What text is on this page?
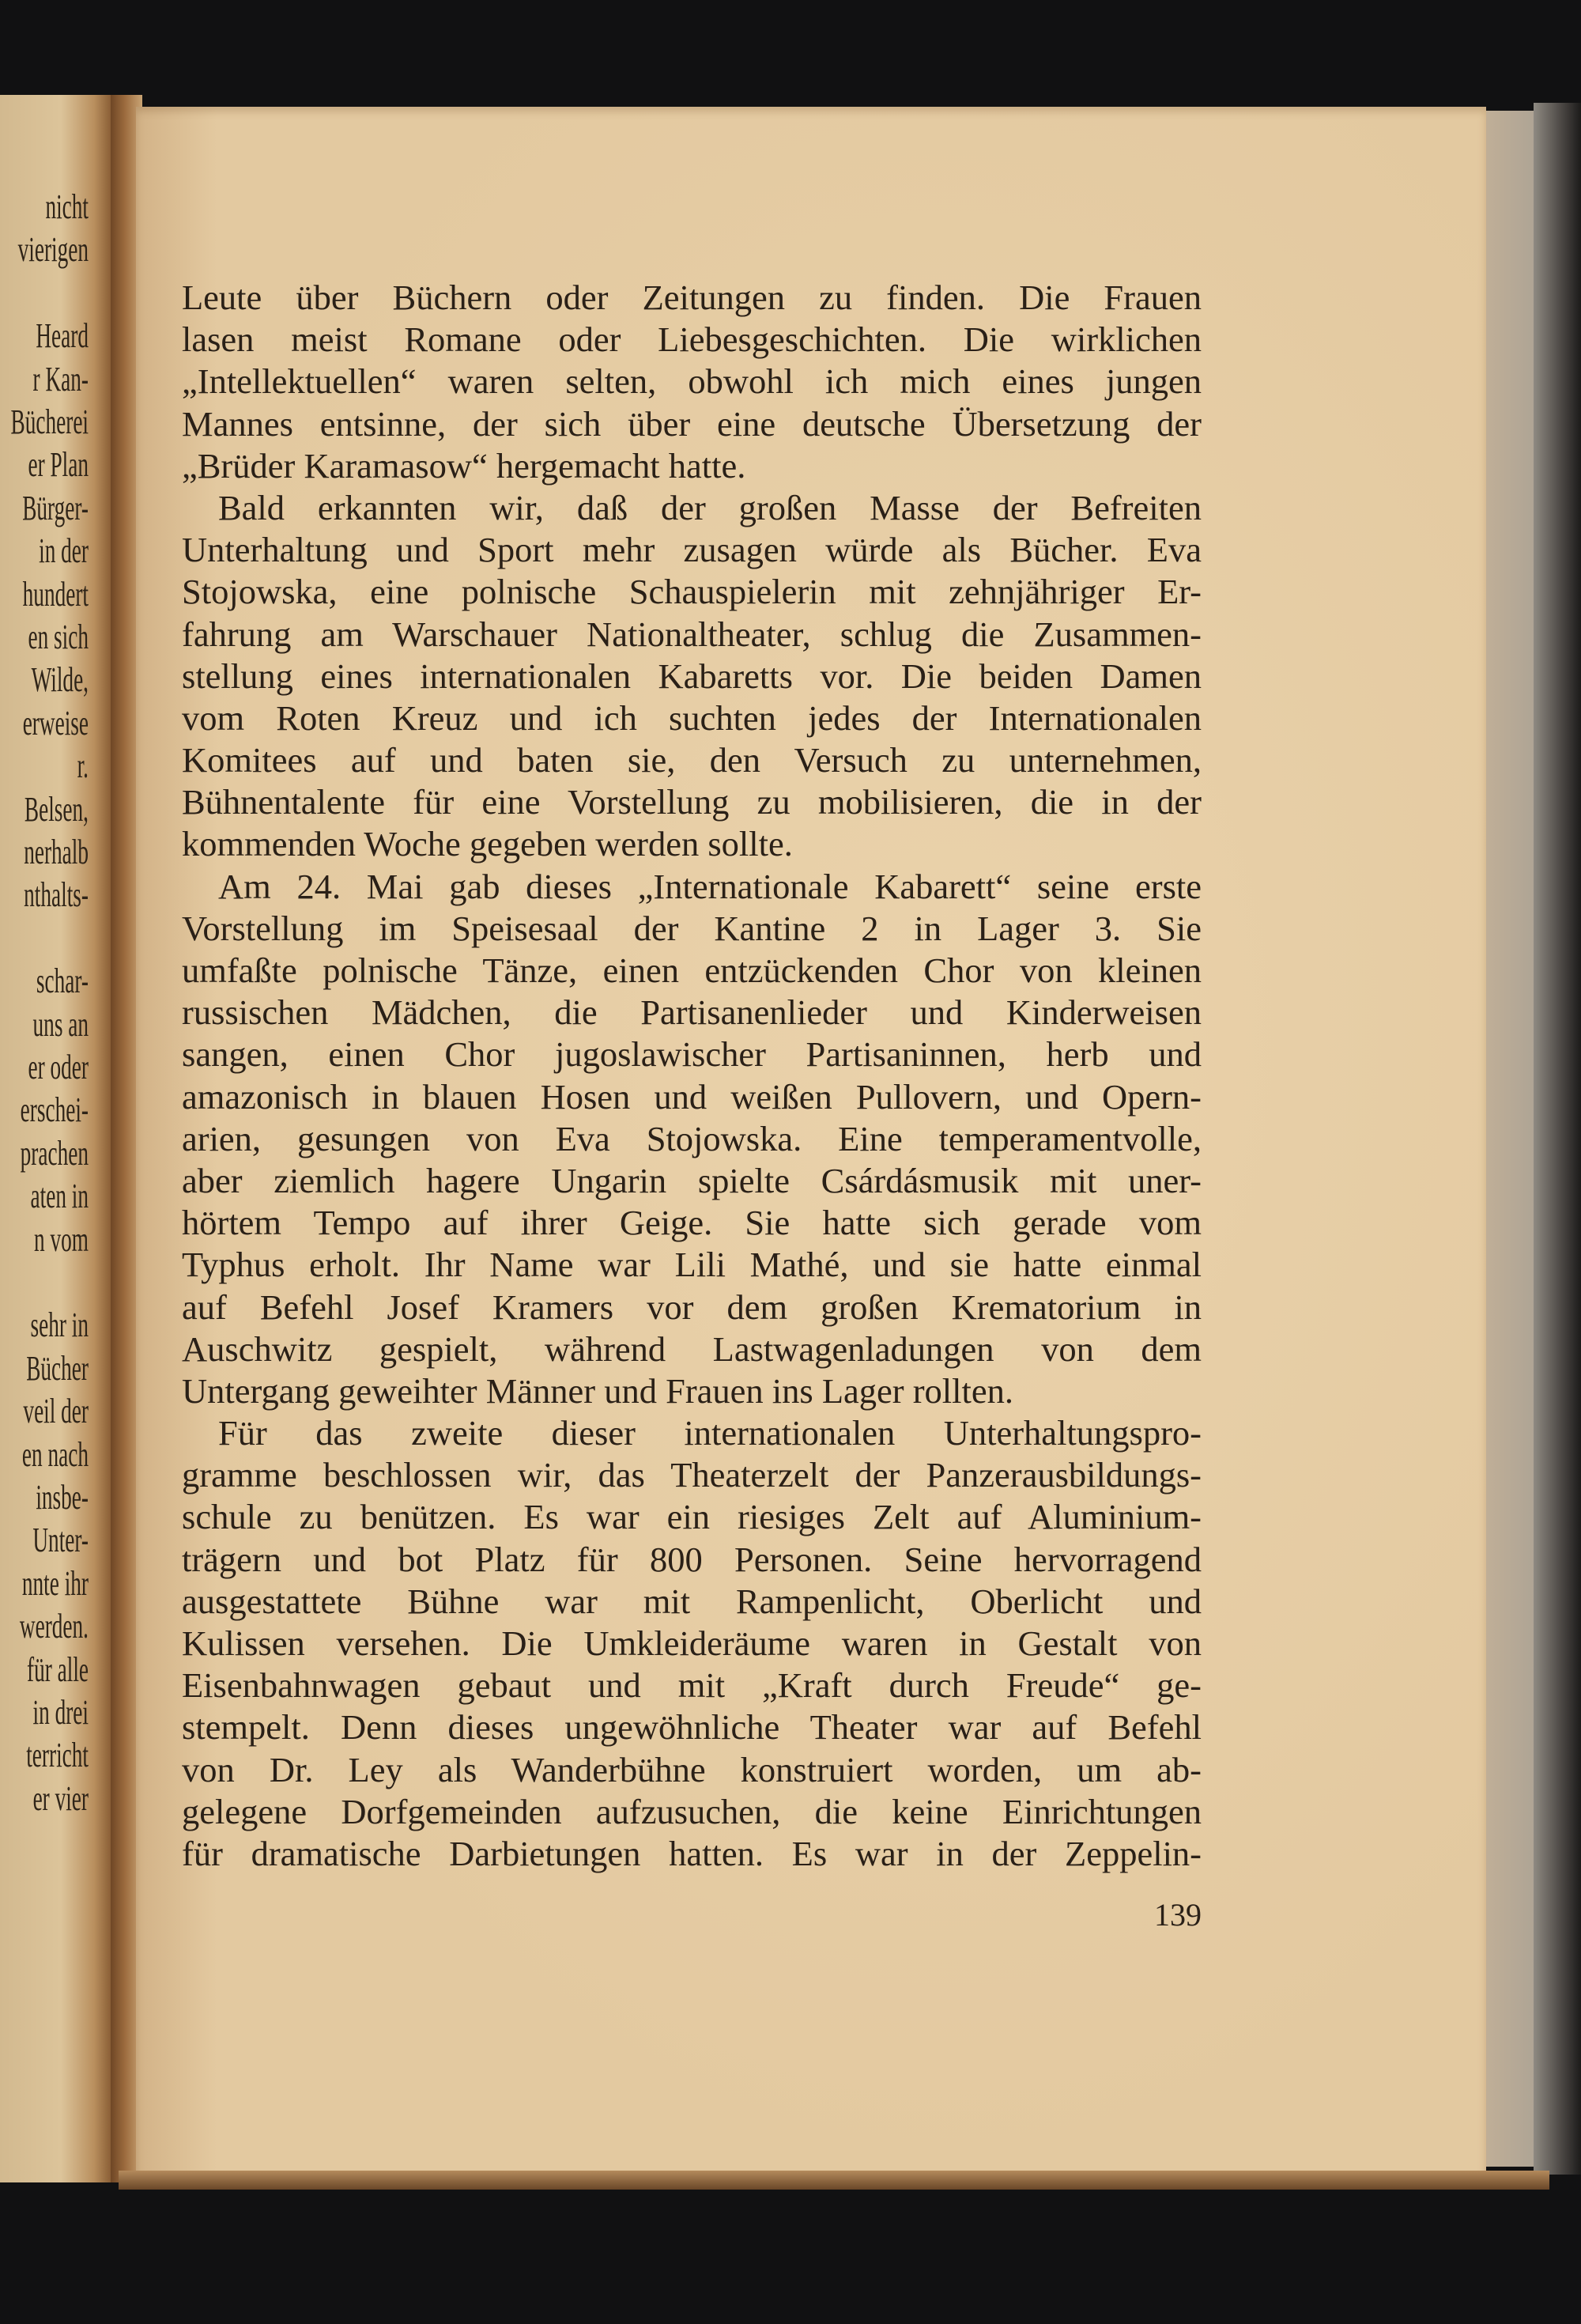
nicht
vierigen
Heard
r Kan-
Bücherei
er Plan
Bürger-
in der
hundert
en sich
Wilde,
erweise
r.
Belsen,
nerhalb
nthalts-
schar-
uns an
er oder
erschei-
prachen
aten in
n vom
sehr in
Bücher
veil der
en nach
insbe-
Unter-
nnte ihr
werden.
für alle
in drei
terricht
er vier
Leute über Büchern oder Zeitungen zu finden. Die Frauen
lasen meist Romane oder Liebesgeschichten. Die wirklichen
„Intellektuellen“ waren selten, obwohl ich mich eines jungen
Mannes entsinne, der sich über eine deutsche Übersetzung der
„Brüder Karamasow“ hergemacht hatte.
Bald erkannten wir, daß der großen Masse der Befreiten
Unterhaltung und Sport mehr zusagen würde als Bücher. Eva
Stojowska, eine polnische Schauspielerin mit zehnjähriger Er-
fahrung am Warschauer Nationaltheater, schlug die Zusammen-
stellung eines internationalen Kabaretts vor. Die beiden Damen
vom Roten Kreuz und ich suchten jedes der Internationalen
Komitees auf und baten sie, den Versuch zu unternehmen,
Bühnentalente für eine Vorstellung zu mobilisieren, die in der
kommenden Woche gegeben werden sollte.
Am 24. Mai gab dieses „Internationale Kabarett“ seine erste
Vorstellung im Speisesaal der Kantine 2 in Lager 3. Sie
umfaßte polnische Tänze, einen entzückenden Chor von kleinen
russischen Mädchen, die Partisanenlieder und Kinderweisen
sangen, einen Chor jugoslawischer Partisaninnen, herb und
amazonisch in blauen Hosen und weißen Pullovern, und Opern-
arien, gesungen von Eva Stojowska. Eine temperamentvolle,
aber ziemlich hagere Ungarin spielte Csárdásmusik mit uner-
hörtem Tempo auf ihrer Geige. Sie hatte sich gerade vom
Typhus erholt. Ihr Name war Lili Mathé, und sie hatte einmal
auf Befehl Josef Kramers vor dem großen Krematorium in
Auschwitz gespielt, während Lastwagenladungen von dem
Untergang geweihter Männer und Frauen ins Lager rollten.
Für das zweite dieser internationalen Unterhaltungspro-
gramme beschlossen wir, das Theaterzelt der Panzerausbildungs-
schule zu benützen. Es war ein riesiges Zelt auf Aluminium-
trägern und bot Platz für 800 Personen. Seine hervorragend
ausgestattete Bühne war mit Rampenlicht, Oberlicht und
Kulissen versehen. Die Umkleideräume waren in Gestalt von
Eisenbahnwagen gebaut und mit „Kraft durch Freude“ ge-
stempelt. Denn dieses ungewöhnliche Theater war auf Befehl
von Dr. Ley als Wanderbühne konstruiert worden, um ab-
gelegene Dorfgemeinden aufzusuchen, die keine Einrichtungen
für dramatische Darbietungen hatten. Es war in der Zeppelin-
139
